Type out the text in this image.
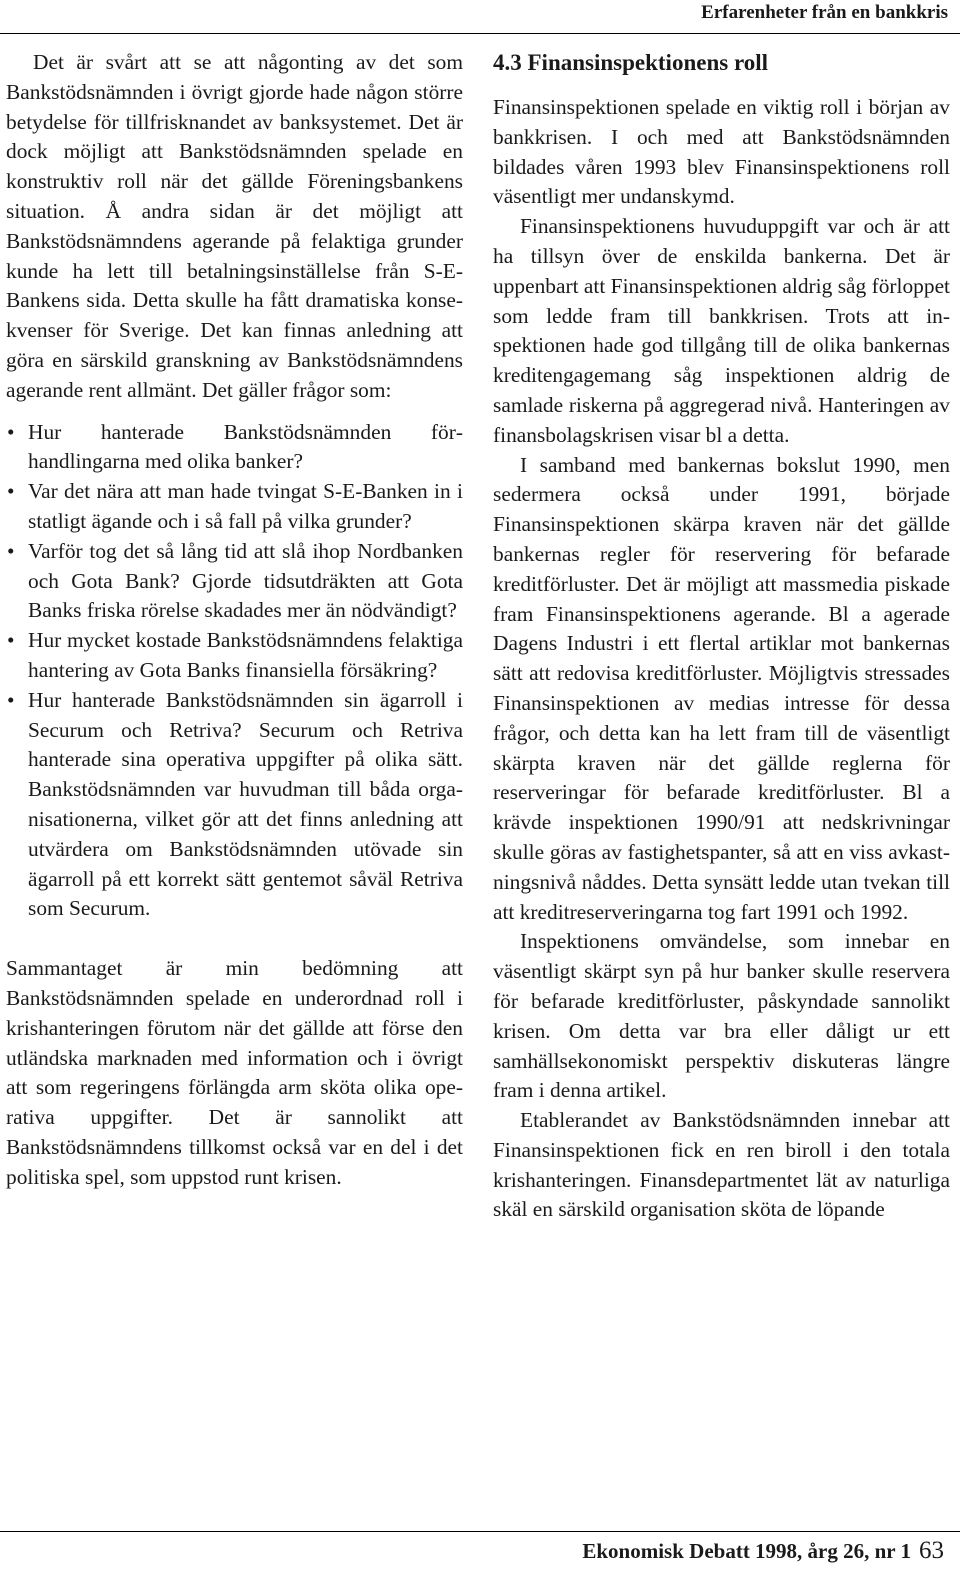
Erfarenheter från en bankkris

Det är svårt att se att någonting av det som Bankstödsnämnden i övrigt gjorde hade någon större betydelse för tillfrisknandet av banksystemet. Det är dock möjligt att Bankstödsnämnden spelade en konstruktiv roll när det gällde Föreningsbankens situation. Å andra sidan är det möjligt att Bankstödsnämndens agerande på felaktiga grunder kunde ha lett till betalningsinställelse från S-E-Bankens sida. Detta skulle ha fått dramatiska konsekvenser för Sverige. Det kan finnas anledning att göra en särskild granskning av Bankstödsnämndens agerande rent allmänt. Det gäller frågor som:

• Hur hanterade Bankstödsnämnden förhandlingarna med olika banker?
• Var det nära att man hade tvingat S-E-Banken in i statligt ägande och i så fall på vilka grunder?
• Varför tog det så lång tid att slå ihop Nordbanken och Gota Bank? Gjorde tidsutdräkten att Gota Banks friska rörelse skadades mer än nödvändigt?
• Hur mycket kostade Bankstödsnämndens felaktiga hantering av Gota Banks finansiella försäkring?
• Hur hanterade Bankstödsnämnden sin ägarroll i Securum och Retriva? Securum och Retriva hanterade sina operativa uppgifter på olika sätt. Bankstödsnämnden var huvudman till båda organisationerna, vilket gör att det finns anledning att utvärdera om Bankstödsnämnden utövade sin ägarroll på ett korrekt sätt gentemot såväl Retriva som Securum.

Sammantaget är min bedömning att Bankstödsnämnden spelade en underordnad roll i krishanteringen förutom när det gällde att förse den utländska marknaden med information och i övrigt att som regeringens förlängda arm sköta olika operativa uppgifter. Det är sannolikt att Bankstödsnämndens tillkomst också var en del i det politiska spel, som uppstod runt krisen.

4.3 Finansinspektionens roll

Finansinspektionen spelade en viktig roll i början av bankkrisen. I och med att Bankstödsnämnden bildades våren 1993 blev Finansinspektionens roll väsentligt mer undanskymd.

Finansinspektionens huvuduppgift var och är att ha tillsyn över de enskilda bankerna. Det är uppenbart att Finansinspektionen aldrig såg förloppet som ledde fram till bankkrisen. Trots att inspektionen hade god tillgång till de olika bankernas kreditengagemang såg inspektionen aldrig de samlade riskerna på aggregerad nivå. Hanteringen av finansbolagskrisen visar bl a detta.

I samband med bankernas bokslut 1990, men sedermera också under 1991, började Finansinspektionen skärpa kraven när det gällde bankernas regler för reservering för befarade kreditförluster. Det är möjligt att massmedia piskade fram Finansinspektionens agerande. Bl a agerade Dagens Industri i ett flertal artiklar mot bankernas sätt att redovisa kreditförluster. Möjligtvis stressades Finansinspektionen av medias intresse för dessa frågor, och detta kan ha lett fram till de väsentligt skärpta kraven när det gällde reglerna för reserveringar för befarade kreditförluster. Bl a krävde inspektionen 1990/91 att nedskrivningar skulle göras av fastighetspanter, så att en viss avkastningsnivå nåddes. Detta synsätt ledde utan tvekan till att kreditreserveringarna tog fart 1991 och 1992.

Inspektionens omvändelse, som innebar en väsentligt skärpt syn på hur banker skulle reservera för befarade kreditförluster, påskyndade sannolikt krisen. Om detta var bra eller dåligt ur ett samhällsekonomiskt perspektiv diskuteras längre fram i denna artikel.

Etablerandet av Bankstödsnämnden innebar att Finansinspektionen fick en ren biroll i den totala krishanteringen. Finansdepartmentet lät av naturliga skäl en särskild organisation sköta de löpande

Ekonomisk Debatt 1998, årg 26, nr 1 63
